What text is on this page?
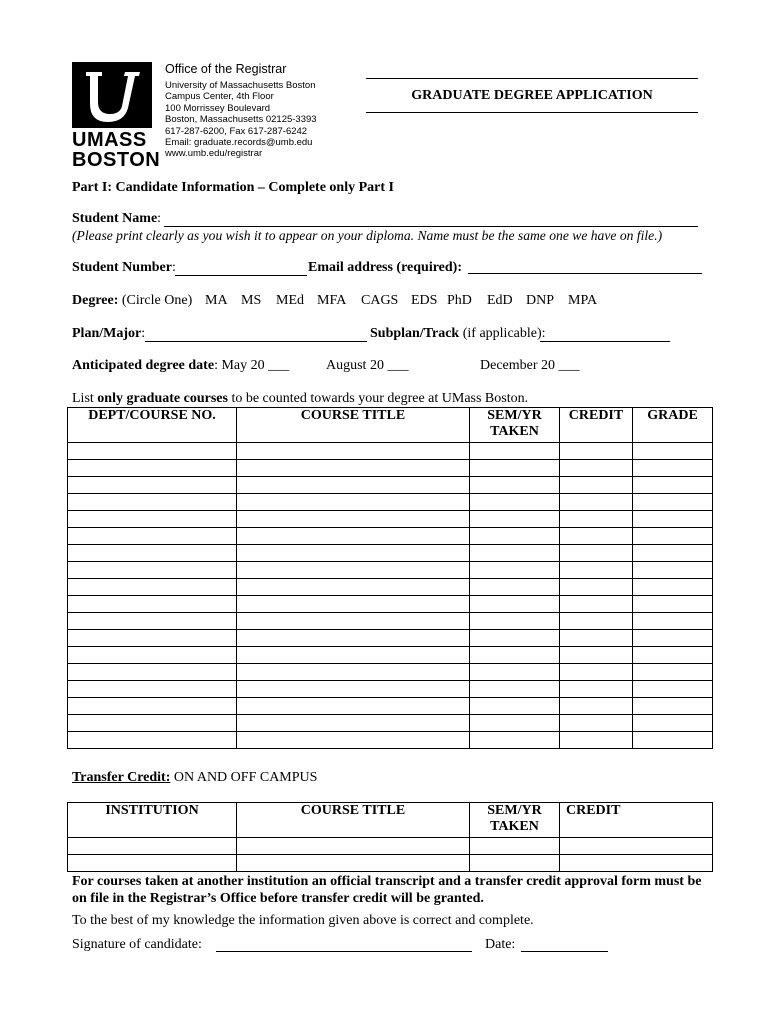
UMASS
BOSTON
Office of the Registrar
University of Massachusetts Boston
Campus Center, 4th Floor
100 Morrissey Boulevard
Boston, Massachusetts 02125-3393
617-287-6200, Fax 617-287-6242
Email: graduate.records@umb.edu
www.umb.edu/registrar
GRADUATE DEGREE APPLICATION
Part I: Candidate Information – Complete only Part I
Student Name:
(Please print clearly as you wish it to appear on your diploma. Name must be the same one we have on file.)
Student Number:	Email address (required):
Degree: (Circle One) MA MS MEd MFA CAGS EDS PhD EdD DNP MPA
Plan/Major:	Subplan/Track (if applicable):
Anticipated degree date: May 20 ___	August 20 ___	December 20 ___
List only graduate courses to be counted towards your degree at UMass Boston.
DEPT/COURSE NO.	COURSE TITLE	SEM/YR TAKEN	CREDIT	GRADE

Transfer Credit: ON AND OFF CAMPUS
INSTITUTION	COURSE TITLE	SEM/YR TAKEN	CREDIT

For courses taken at another institution an official transcript and a transfer credit approval form must be on file in the Registrar’s Office before transfer credit will be granted.
To the best of my knowledge the information given above is correct and complete.
Signature of candidate:	Date:
